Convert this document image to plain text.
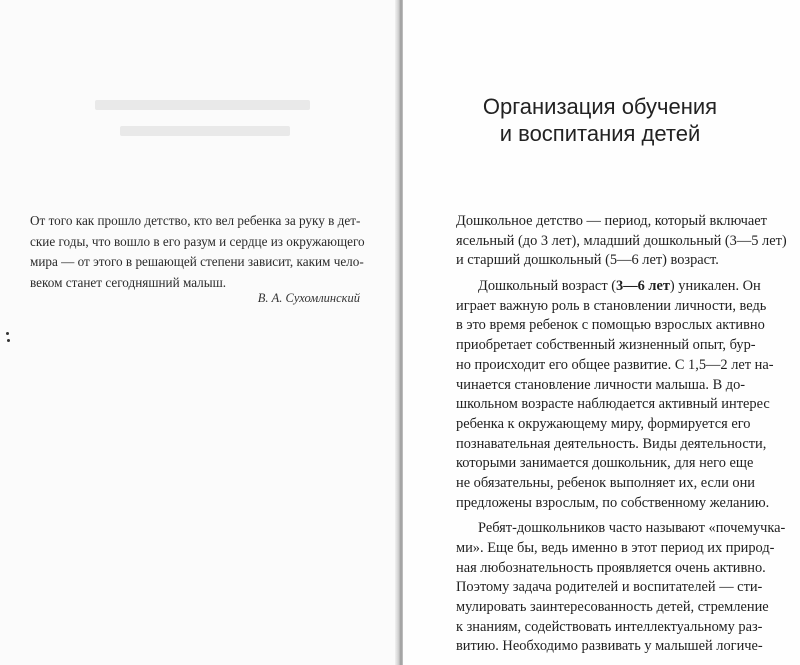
От того как прошло детство, кто вел ребенка за руку в дет-
ские годы, что вошло в его разум и сердце из окружающего
мира — от этого в решающей степени зависит, каким чело-
веком станет сегодняшний малыш.
В. А. Сухомлинский
Организация обучения
и воспитания детей
Дошкольное детство — период, который включает
ясельный (до 3 лет), младший дошкольный (3—5 лет)
и старший дошкольный (5—6 лет) возраст.
Дошкольный возраст (3—6 лет) уникален. Он
играет важную роль в становлении личности, ведь
в это время ребенок с помощью взрослых активно
приобретает собственный жизненный опыт, бур-
но происходит его общее развитие. С 1,5—2 лет на-
чинается становление личности малыша. В до-
школьном возрасте наблюдается активный интерес
ребенка к окружающему миру, формируется его
познавательная деятельность. Виды деятельности,
которыми занимается дошкольник, для него еще
не обязательны, ребенок выполняет их, если они
предложены взрослым, по собственному желанию.
Ребят-дошкольников часто называют «почемучка-
ми». Еще бы, ведь именно в этот период их природ-
ная любознательность проявляется очень активно.
Поэтому задача родителей и воспитателей — сти-
мулировать заинтересованность детей, стремление
к знаниям, содействовать интеллектуальному раз-
витию. Необходимо развивать у малышей логиче-
